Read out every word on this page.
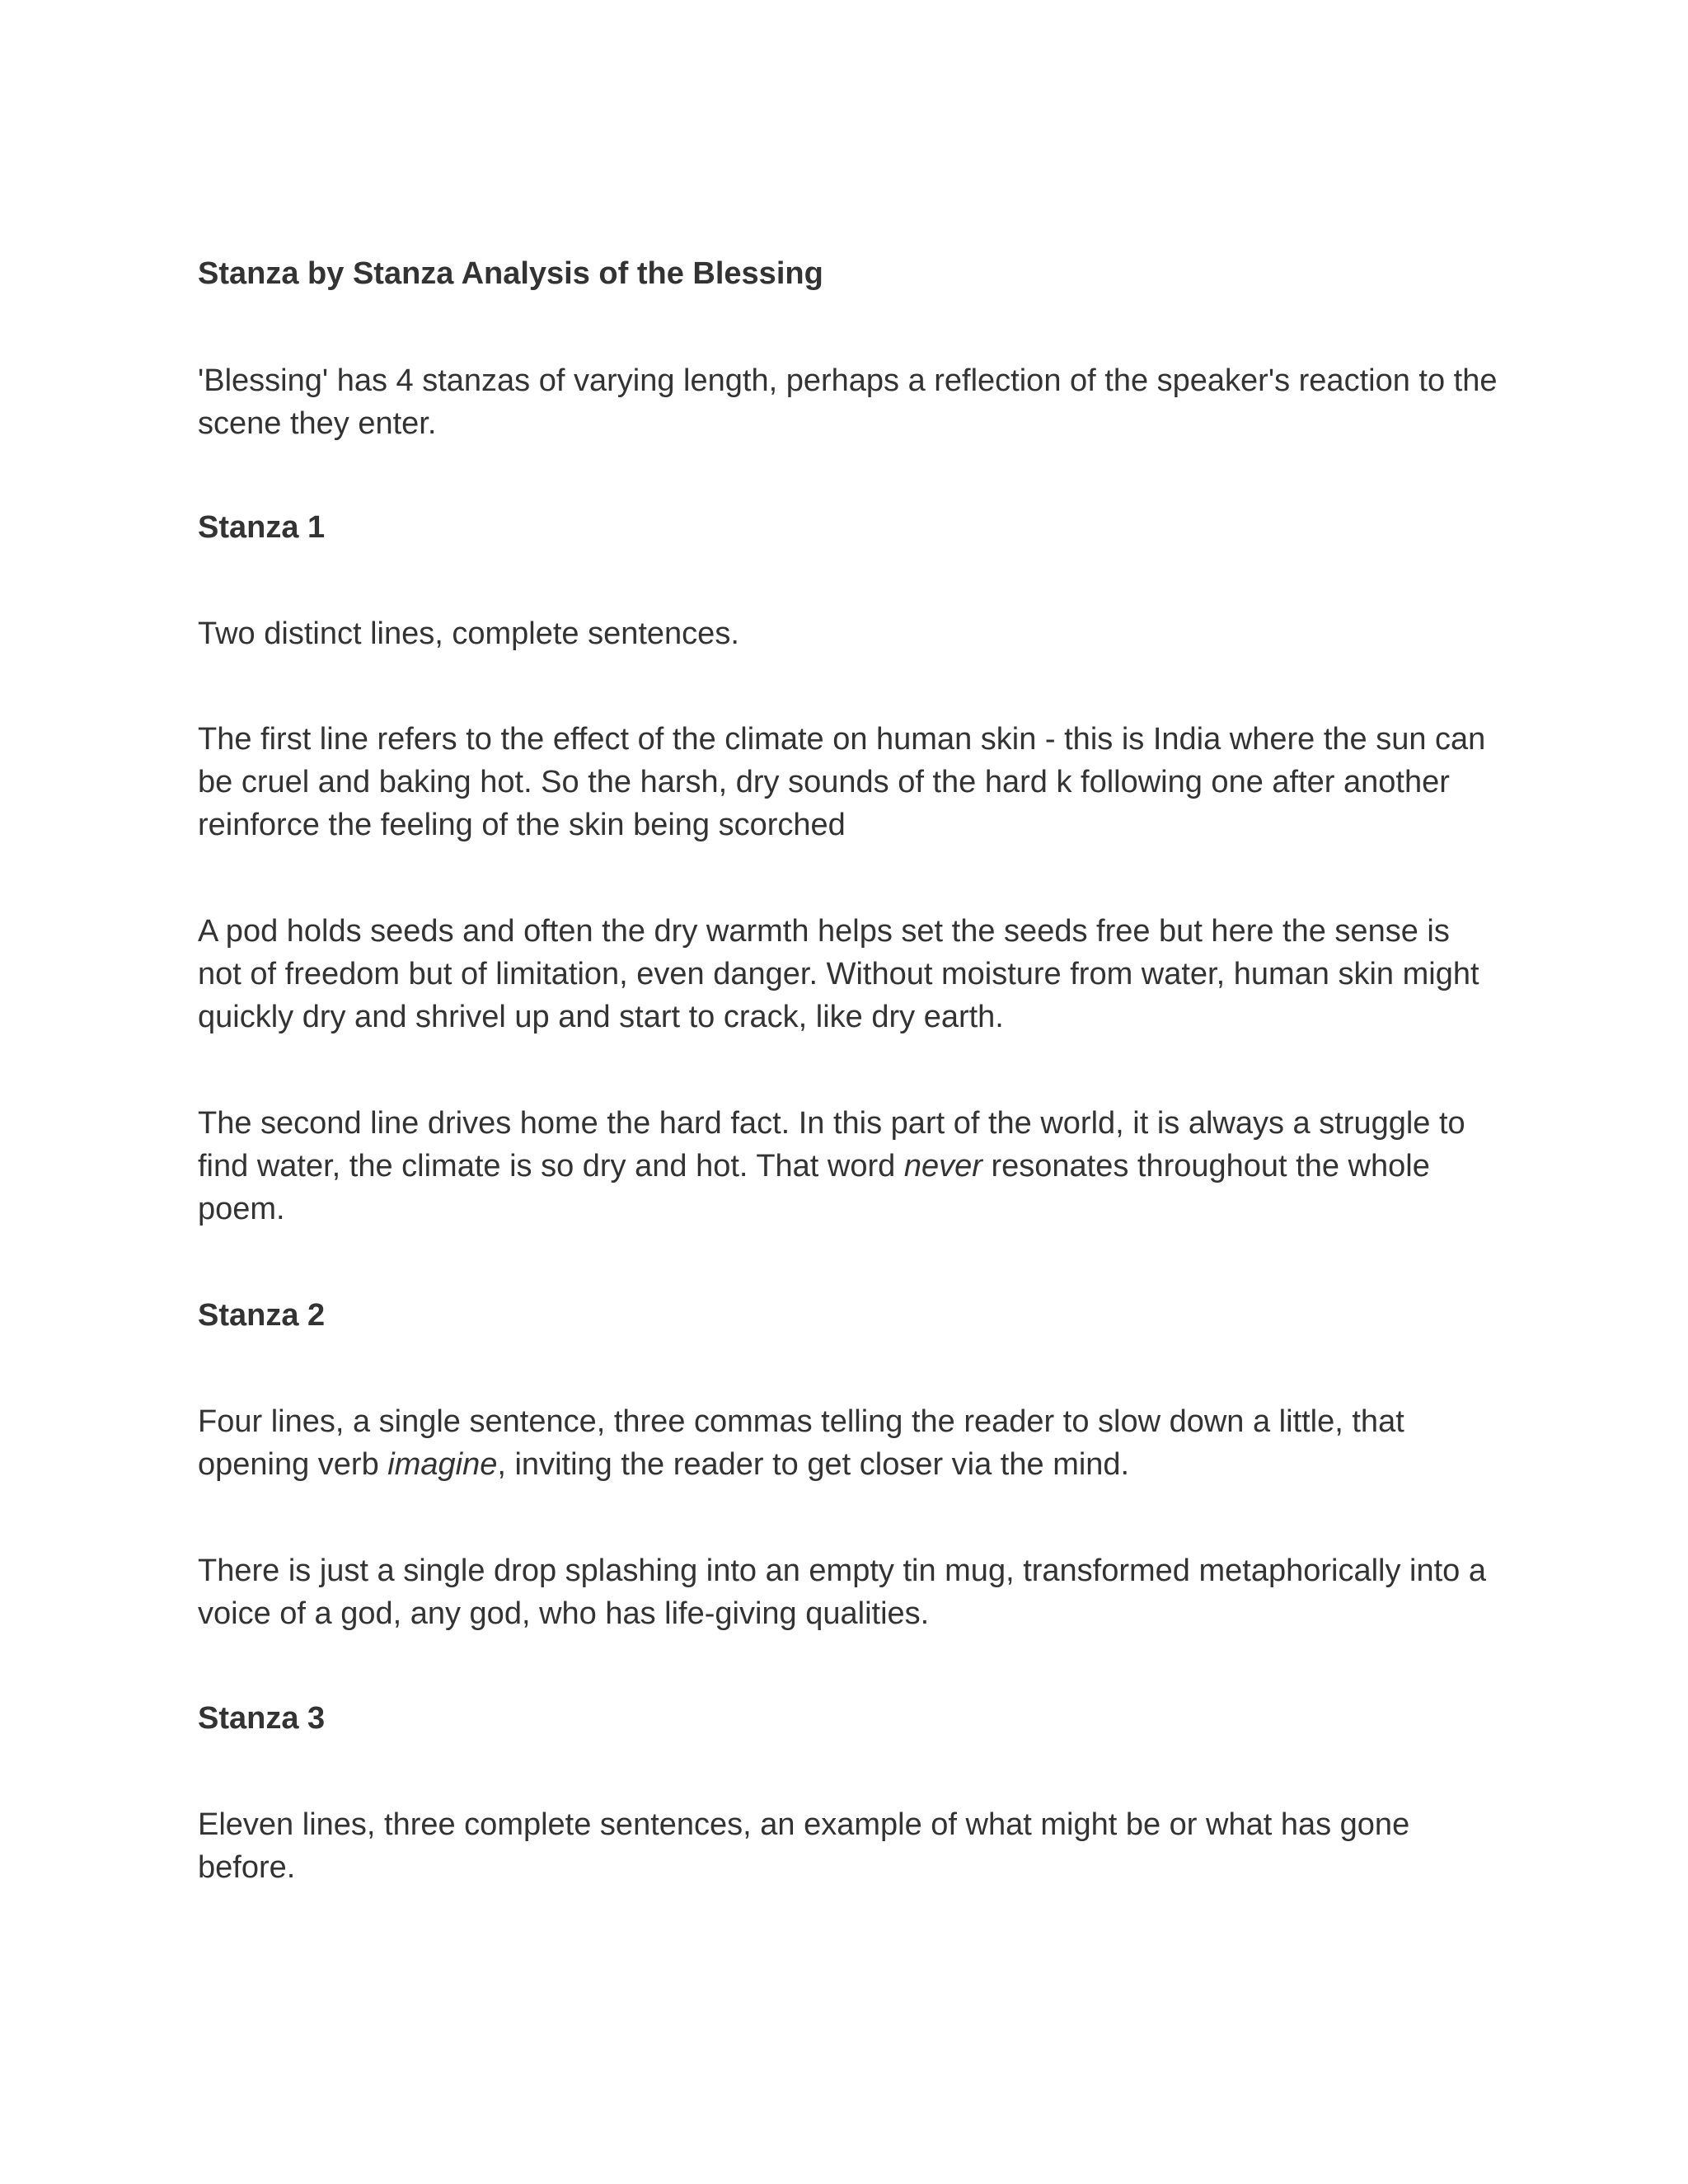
Stanza by Stanza Analysis of the Blessing

'Blessing' has 4 stanzas of varying length, perhaps a reflection of the speaker's reaction to the scene they enter.

Stanza 1

Two distinct lines, complete sentences.

The first line refers to the effect of the climate on human skin - this is India where the sun can be cruel and baking hot. So the harsh, dry sounds of the hard k following one after another reinforce the feeling of the skin being scorched

A pod holds seeds and often the dry warmth helps set the seeds free but here the sense is not of freedom but of limitation, even danger. Without moisture from water, human skin might quickly dry and shrivel up and start to crack, like dry earth.

The second line drives home the hard fact. In this part of the world, it is always a struggle to find water, the climate is so dry and hot. That word never resonates throughout the whole poem.

Stanza 2

Four lines, a single sentence, three commas telling the reader to slow down a little, that opening verb imagine, inviting the reader to get closer via the mind.

There is just a single drop splashing into an empty tin mug, transformed metaphorically into a voice of a god, any god, who has life-giving qualities.

Stanza 3

Eleven lines, three complete sentences, an example of what might be or what has gone before.
